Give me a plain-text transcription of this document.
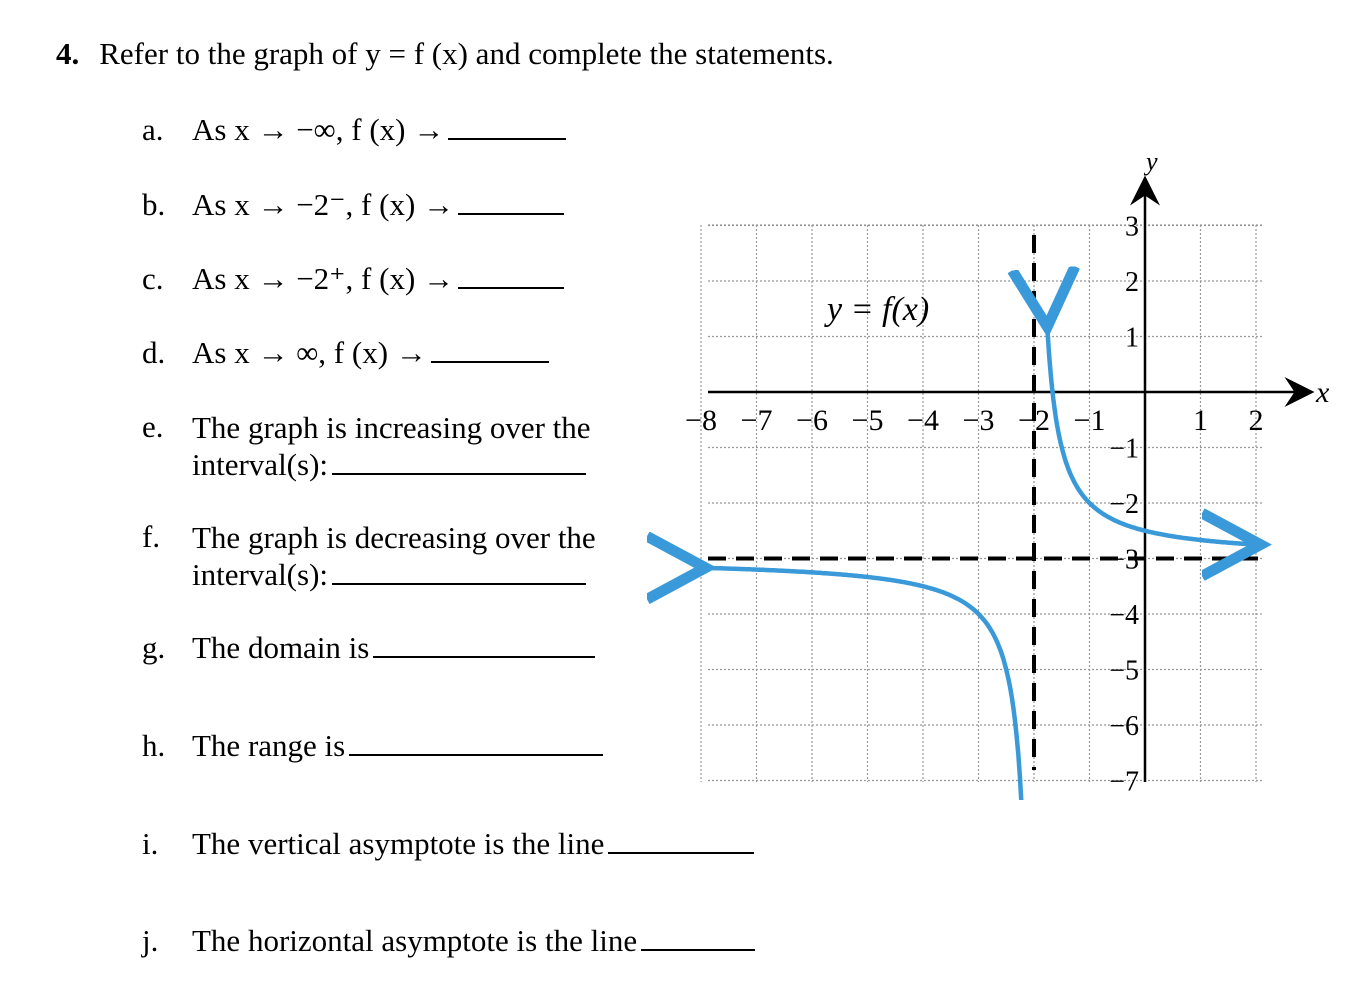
4. Refer to the graph of y = f (x) and complete the statements.
a. As x → −∞, f (x) →
b. As x → −2⁻, f (x) →
c. As x → −2⁺, f (x) →
d. As x → ∞, f (x) →
e. The graph is increasing over the
interval(s):
f. The graph is decreasing over the
interval(s):
g. The domain is
h. The range is
i. The vertical asymptote is the line
j. The horizontal asymptote is the line
−8 −7 −6 −5 −4 −3 −2 −1	1 2
3
2
1
−1
−2
−3
−4
−5
−6
−7
y = f(x)
x
y
